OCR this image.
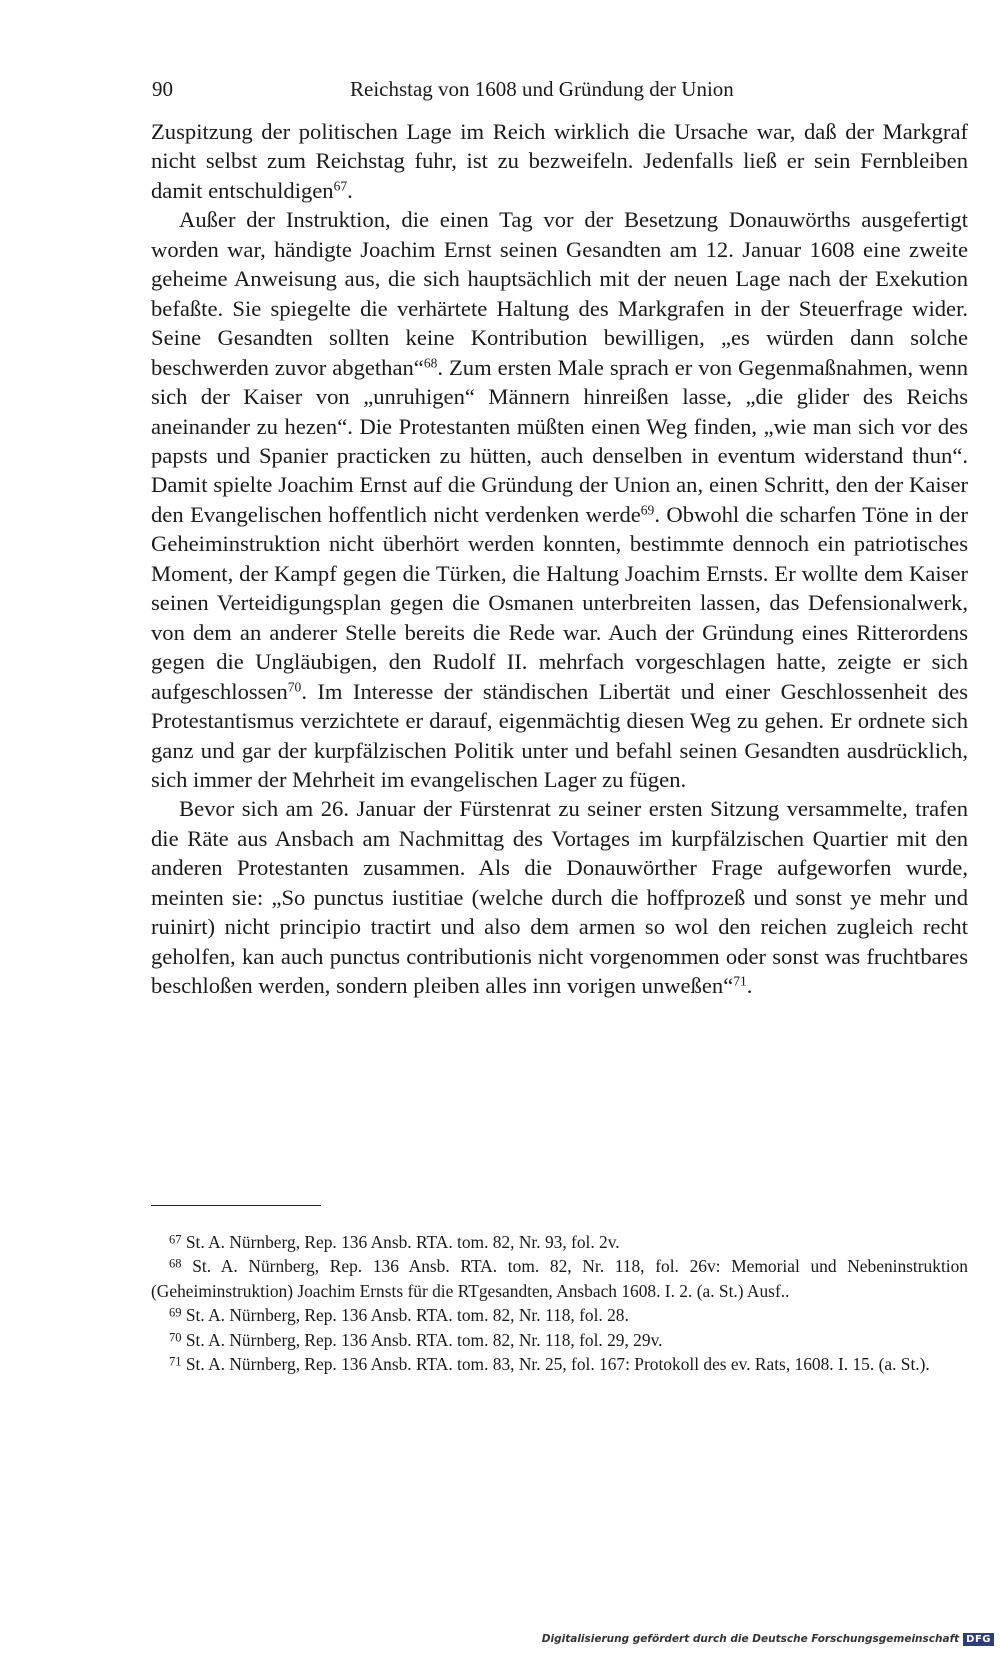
90	Reichstag von 1608 und Gründung der Union

Zuspitzung der politischen Lage im Reich wirklich die Ursache war, daß der Markgraf nicht selbst zum Reichstag fuhr, ist zu bezweifeln. Jedenfalls ließ er sein Fernbleiben damit entschuldigen$^{67}$.

Außer der Instruktion, die einen Tag vor der Besetzung Donauwörths ausgefertigt worden war, händigte Joachim Ernst seinen Gesandten am 12. Januar 1608 eine zweite geheime Anweisung aus, die sich hauptsächlich mit der neuen Lage nach der Exekution befaßte. Sie spiegelte die verhärtete Haltung des Markgrafen in der Steuerfrage wider. Seine Gesandten sollten keine Kontribution bewilligen, „es würden dann solche beschwerden zuvor abgethan“$^{68}$. Zum ersten Male sprach er von Gegenmaßnahmen, wenn sich der Kaiser von „unruhigen“ Männern hinreißen lasse, „die glider des Reichs aneinander zu hezen“. Die Protestanten müßten einen Weg finden, „wie man sich vor des papsts und Spanier practicken zu hütten, auch denselben in eventum widerstand thun“. Damit spielte Joachim Ernst auf die Gründung der Union an, einen Schritt, den der Kaiser den Evangelischen hoffentlich nicht verdenken werde$^{69}$. Obwohl die scharfen Töne in der Geheiminstruktion nicht überhört werden konnten, bestimmte dennoch ein patriotisches Moment, der Kampf gegen die Türken, die Haltung Joachim Ernsts. Er wollte dem Kaiser seinen Verteidigungsplan gegen die Osmanen unterbreiten lassen, das Defensionalwerk, von dem an anderer Stelle bereits die Rede war. Auch der Gründung eines Ritterordens gegen die Ungläubigen, den Rudolf II. mehrfach vorgeschlagen hatte, zeigte er sich aufgeschlossen$^{70}$. Im Interesse der ständischen Libertät und einer Geschlossenheit des Protestantismus verzichtete er darauf, eigenmächtig diesen Weg zu gehen. Er ordnete sich ganz und gar der kurpfälzischen Politik unter und befahl seinen Gesandten ausdrücklich, sich immer der Mehrheit im evangelischen Lager zu fügen.

Bevor sich am 26. Januar der Fürstenrat zu seiner ersten Sitzung versammelte, trafen die Räte aus Ansbach am Nachmittag des Vortages im kurpfälzischen Quartier mit den anderen Protestanten zusammen. Als die Donauwörther Frage aufgeworfen wurde, meinten sie: „So punctus iustitiae (welche durch die hoffprozeß und sonst ye mehr und ruinirt) nicht principio tractirt und also dem armen so wol den reichen zugleich recht geholfen, kan auch punctus contributionis nicht vorgenommen oder sonst was fruchtbares beschloßen werden, sondern pleiben alles inn vorigen unweßen“$^{71}$.

$^{67}$ St. A. Nürnberg, Rep. 136 Ansb. RTA. tom. 82, Nr. 93, fol. 2v.

$^{68}$ St. A. Nürnberg, Rep. 136 Ansb. RTA. tom. 82, Nr. 118, fol. 26v: Memorial und Nebeninstruktion (Geheiminstruktion) Joachim Ernsts für die RTgesandten, Ansbach 1608. I. 2. (a. St.) Ausf..

$^{69}$ St. A. Nürnberg, Rep. 136 Ansb. RTA. tom. 82, Nr. 118, fol. 28.

$^{70}$ St. A. Nürnberg, Rep. 136 Ansb. RTA. tom. 82, Nr. 118, fol. 29, 29v.

$^{71}$ St. A. Nürnberg, Rep. 136 Ansb. RTA. tom. 83, Nr. 25, fol. 167: Protokoll des ev. Rats, 1608. I. 15. (a. St.).

Digitalisierung gefördert durch die Deutsche Forschungsgemeinschaft DFG
